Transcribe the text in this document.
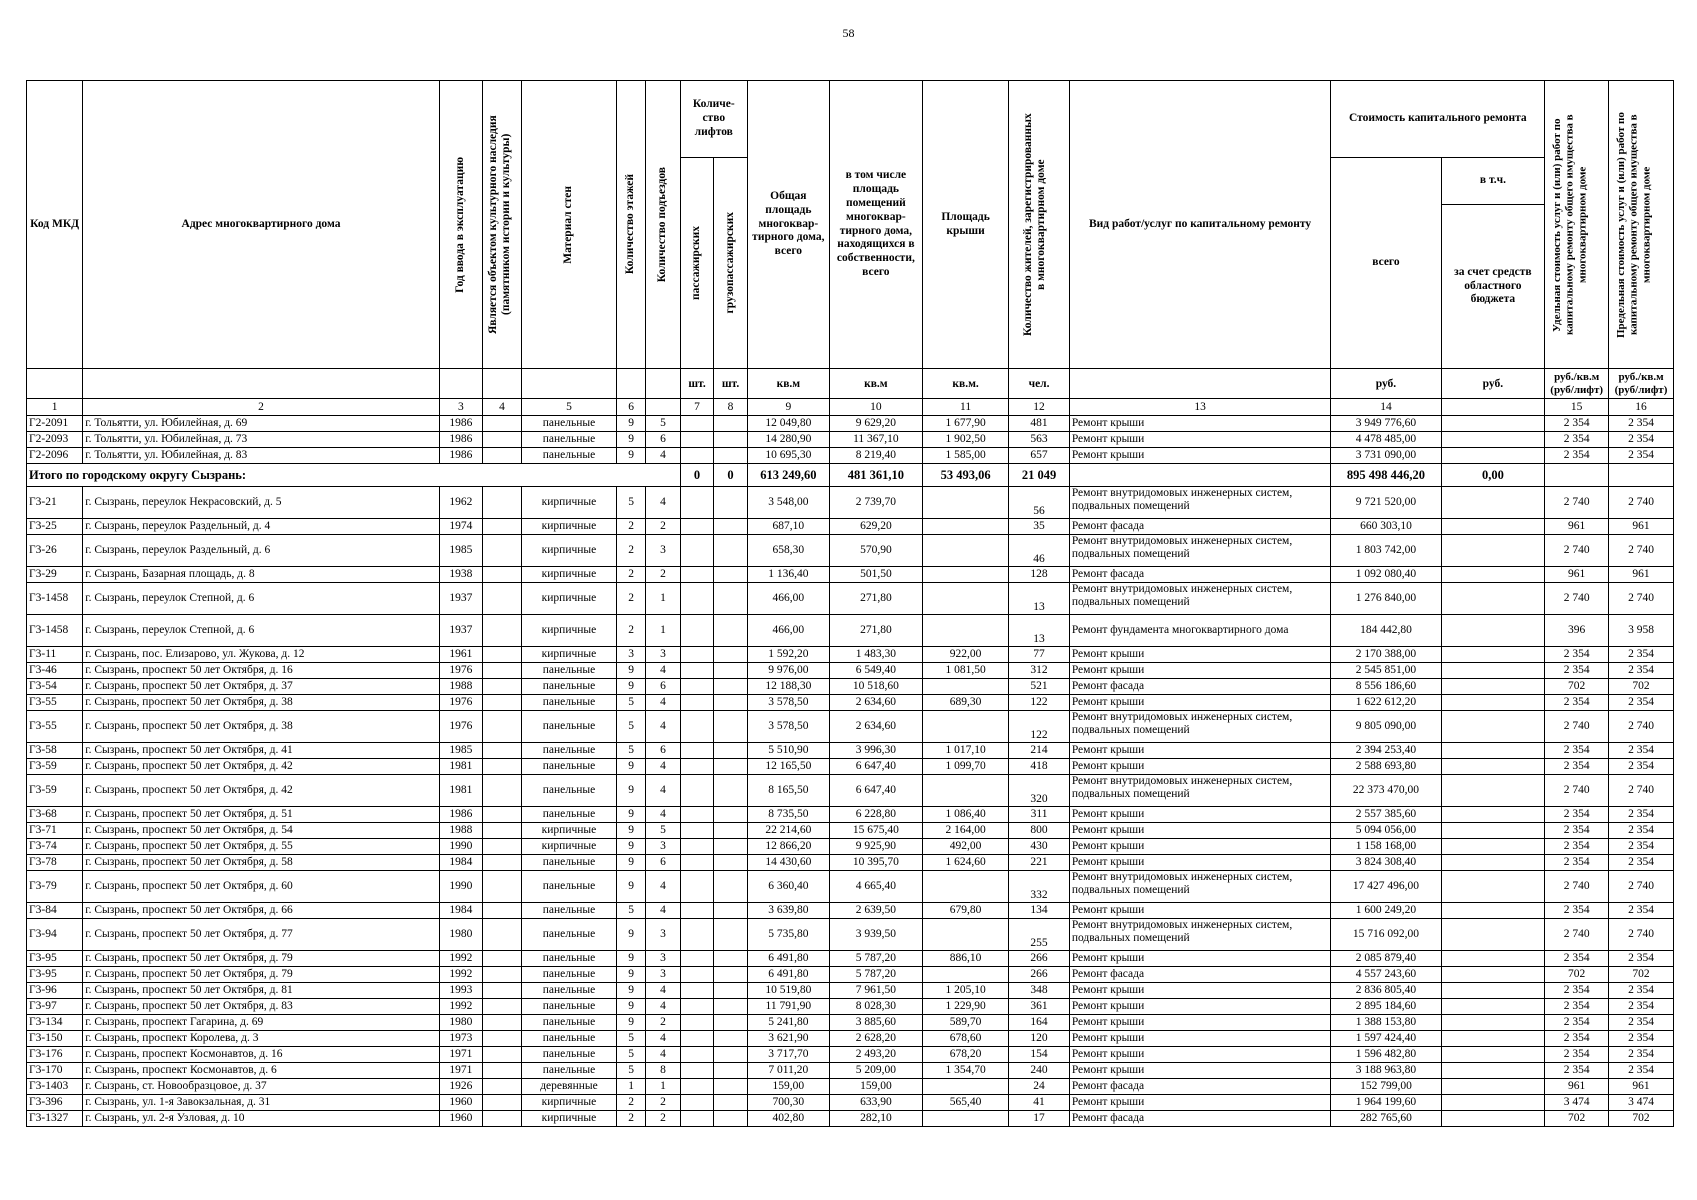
58
Код МКД	Адрес многоквартирного дома	Год ввода в эксплуатацию	Является объектом культурного наследия (памятником истории и культуры)	Материал стен	Количество этажей	Количество подъездов	Количе-ство лифтов		Общая площадь многоквар-тирного дома, всего	в том числе площадь помещений многоквар-тирного дома, находящихся в собственности, всего	Площадь крыши	Количество жителей, зарегистрированных в многоквартирном доме	Вид работ/услуг по капитальному ремонту	Стоимость капитального ремонта		Удельная стоимость услуг и (или) работ по капитальному ремонту общего имущества в многоквартирном доме	Предельная стоимость услуг и (или) работ по капитальному ремонту общего имущества в многоквартирном доме

							пассажирских	грузопассажирских						всего	в т.ч.		
															за счет средств областного бюджета		
							шт.	шт.	кв.м	кв.м	кв.м.	чел.		руб.	руб.	руб./кв.м (руб/лифт)	руб./кв.м (руб/лифт)
1	2	3	4	5	6		7	8	9	10	11	12	13	14		15	16
Г2-2091	г. Тольятти, ул. Юбилейная, д. 69	1986		панельные	9	5			12 049,80	9 629,20	1 677,90	481	Ремонт крыши	3 949 776,60		2 354	2 354
Г2-2093	г. Тольятти, ул. Юбилейная, д. 73	1986		панельные	9	6			14 280,90	11 367,10	1 902,50	563	Ремонт крыши	4 478 485,00		2 354	2 354
Г2-2096	г. Тольятти, ул. Юбилейная, д. 83	1986		панельные	9	4			10 695,30	8 219,40	1 585,00	657	Ремонт крыши	3 731 090,00		2 354	2 354
Итого по городскому округу Сызрань:							0	0	613 249,60	481 361,10	53 493,06	21 049		895 498 446,20	0,00		
Г3-21	г. Сызрань, переулок Некрасовский, д. 5	1962		кирпичные	5	4			3 548,00	2 739,70		56	Ремонт внутридомовых инженерных систем, подвальных помещений	9 721 520,00		2 740	2 740
Г3-25	г. Сызрань, переулок Раздельный, д. 4	1974		кирпичные	2	2			687,10	629,20		35	Ремонт фасада	660 303,10		961	961
Г3-26	г. Сызрань, переулок Раздельный, д. 6	1985		кирпичные	2	3			658,30	570,90		46	Ремонт внутридомовых инженерных систем, подвальных помещений	1 803 742,00		2 740	2 740
Г3-29	г. Сызрань, Базарная площадь, д. 8	1938		кирпичные	2	2			1 136,40	501,50		128	Ремонт фасада	1 092 080,40		961	961
Г3-1458	г. Сызрань, переулок Степной, д. 6	1937		кирпичные	2	1			466,00	271,80		13	Ремонт внутридомовых инженерных систем, подвальных помещений	1 276 840,00		2 740	2 740
Г3-1458	г. Сызрань, переулок Степной, д. 6	1937		кирпичные	2	1			466,00	271,80		13	Ремонт фундамента многоквартирного дома	184 442,80		396	3 958
Г3-11	г. Сызрань, пос. Елизарово, ул. Жукова, д. 12	1961		кирпичные	3	3			1 592,20	1 483,30	922,00	77	Ремонт крыши	2 170 388,00		2 354	2 354
Г3-46	г. Сызрань, проспект 50 лет Октября, д. 16	1976		панельные	9	4			9 976,00	6 549,40	1 081,50	312	Ремонт крыши	2 545 851,00		2 354	2 354
Г3-54	г. Сызрань, проспект 50 лет Октября, д. 37	1988		панельные	9	6			12 188,30	10 518,60		521	Ремонт фасада	8 556 186,60		702	702
Г3-55	г. Сызрань, проспект 50 лет Октября, д. 38	1976		панельные	5	4			3 578,50	2 634,60	689,30	122	Ремонт крыши	1 622 612,20		2 354	2 354
Г3-55	г. Сызрань, проспект 50 лет Октября, д. 38	1976		панельные	5	4			3 578,50	2 634,60		122	Ремонт внутридомовых инженерных систем, подвальных помещений	9 805 090,00		2 740	2 740
Г3-58	г. Сызрань, проспект 50 лет Октября, д. 41	1985		панельные	5	6			5 510,90	3 996,30	1 017,10	214	Ремонт крыши	2 394 253,40		2 354	2 354
Г3-59	г. Сызрань, проспект 50 лет Октября, д. 42	1981		панельные	9	4			12 165,50	6 647,40	1 099,70	418	Ремонт крыши	2 588 693,80		2 354	2 354
Г3-59	г. Сызрань, проспект 50 лет Октября, д. 42	1981		панельные	9	4			8 165,50	6 647,40		320	Ремонт внутридомовых инженерных систем, подвальных помещений	22 373 470,00		2 740	2 740
Г3-68	г. Сызрань, проспект 50 лет Октября, д. 51	1986		панельные	9	4			8 735,50	6 228,80	1 086,40	311	Ремонт крыши	2 557 385,60		2 354	2 354
Г3-71	г. Сызрань, проспект 50 лет Октября, д. 54	1988		кирпичные	9	5			22 214,60	15 675,40	2 164,00	800	Ремонт крыши	5 094 056,00		2 354	2 354
Г3-74	г. Сызрань, проспект 50 лет Октября, д. 55	1990		кирпичные	9	3			12 866,20	9 925,90	492,00	430	Ремонт крыши	1 158 168,00		2 354	2 354
Г3-78	г. Сызрань, проспект 50 лет Октября, д. 58	1984		панельные	9	6			14 430,60	10 395,70	1 624,60	221	Ремонт крыши	3 824 308,40		2 354	2 354
Г3-79	г. Сызрань, проспект 50 лет Октября, д. 60	1990		панельные	9	4			6 360,40	4 665,40		332	Ремонт внутридомовых инженерных систем, подвальных помещений	17 427 496,00		2 740	2 740
Г3-84	г. Сызрань, проспект 50 лет Октября, д. 66	1984		панельные	5	4			3 639,80	2 639,50	679,80	134	Ремонт крыши	1 600 249,20		2 354	2 354
Г3-94	г. Сызрань, проспект 50 лет Октября, д. 77	1980		панельные	9	3			5 735,80	3 939,50		255	Ремонт внутридомовых инженерных систем, подвальных помещений	15 716 092,00		2 740	2 740
Г3-95	г. Сызрань, проспект 50 лет Октября, д. 79	1992		панельные	9	3			6 491,80	5 787,20	886,10	266	Ремонт крыши	2 085 879,40		2 354	2 354
Г3-95	г. Сызрань, проспект 50 лет Октября, д. 79	1992		панельные	9	3			6 491,80	5 787,20		266	Ремонт фасада	4 557 243,60		702	702
Г3-96	г. Сызрань, проспект 50 лет Октября, д. 81	1993		панельные	9	4			10 519,80	7 961,50	1 205,10	348	Ремонт крыши	2 836 805,40		2 354	2 354
Г3-97	г. Сызрань, проспект 50 лет Октября, д. 83	1992		панельные	9	4			11 791,90	8 028,30	1 229,90	361	Ремонт крыши	2 895 184,60		2 354	2 354
Г3-134	г. Сызрань, проспект Гагарина, д. 69	1980		панельные	9	2			5 241,80	3 885,60	589,70	164	Ремонт крыши	1 388 153,80		2 354	2 354
Г3-150	г. Сызрань, проспект Королева, д. 3	1973		панельные	5	4			3 621,90	2 628,20	678,60	120	Ремонт крыши	1 597 424,40		2 354	2 354
Г3-176	г. Сызрань, проспект Космонавтов, д. 16	1971		панельные	5	4			3 717,70	2 493,20	678,20	154	Ремонт крыши	1 596 482,80		2 354	2 354
Г3-170	г. Сызрань, проспект Космонавтов, д. 6	1971		панельные	5	8			7 011,20	5 209,00	1 354,70	240	Ремонт крыши	3 188 963,80		2 354	2 354
Г3-1403	г. Сызрань, ст. Новообразцовое, д. 37	1926		деревянные	1	1			159,00	159,00		24	Ремонт фасада	152 799,00		961	961
Г3-396	г. Сызрань, ул. 1-я Завокзальная, д. 31	1960		кирпичные	2	2			700,30	633,90	565,40	41	Ремонт крыши	1 964 199,60		3 474	3 474
Г3-1327	г. Сызрань, ул. 2-я Узловая, д. 10	1960		кирпичные	2	2			402,80	282,10		17	Ремонт фасада	282 765,60		702	702
